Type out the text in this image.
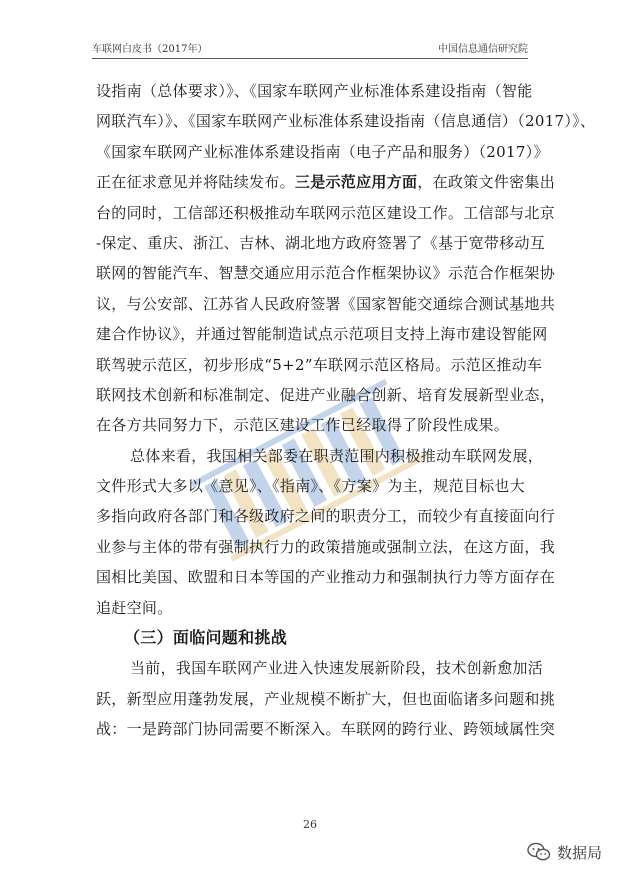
车联网白皮书（2017年）	中国信息通信研究院
设指南（总体要求）》、《国家车联网产业标准体系建设指南（智能
网联汽车）》、《国家车联网产业标准体系建设指南（信息通信）（2017）》、
《国家车联网产业标准体系建设指南（电子产品和服务）（2017）》
正在征求意见并将陆续发布。三是示范应用方面，在政策文件密集出
台的同时，工信部还积极推动车联网示范区建设工作。工信部与北京
-保定、重庆、浙江、吉林、湖北地方政府签署了《基于宽带移动互
联网的智能汽车、智慧交通应用示范合作框架协议》示范合作框架协
议，与公安部、江苏省人民政府签署《国家智能交通综合测试基地共
建合作协议》，并通过智能制造试点示范项目支持上海市建设智能网
联驾驶示范区，初步形成“5+2”车联网示范区格局。示范区推动车
联网技术创新和标准制定、促进产业融合创新、培育发展新型业态，
在各方共同努力下，示范区建设工作已经取得了阶段性成果。
总体来看，我国相关部委在职责范围内积极推动车联网发展，
文件形式大多以《意见》、《指南》、《方案》为主，规范目标也大
多指向政府各部门和各级政府之间的职责分工，而较少有直接面向行
业参与主体的带有强制执行力的政策措施或强制立法，在这方面，我
国相比美国、欧盟和日本等国的产业推动力和强制执行力等方面存在
追赶空间。
（三）面临问题和挑战
当前，我国车联网产业进入快速发展新阶段，技术创新愈加活
跃，新型应用蓬勃发展，产业规模不断扩大，但也面临诸多问题和挑
战：一是跨部门协同需要不断深入。车联网的跨行业、跨领域属性突
26
数据局
